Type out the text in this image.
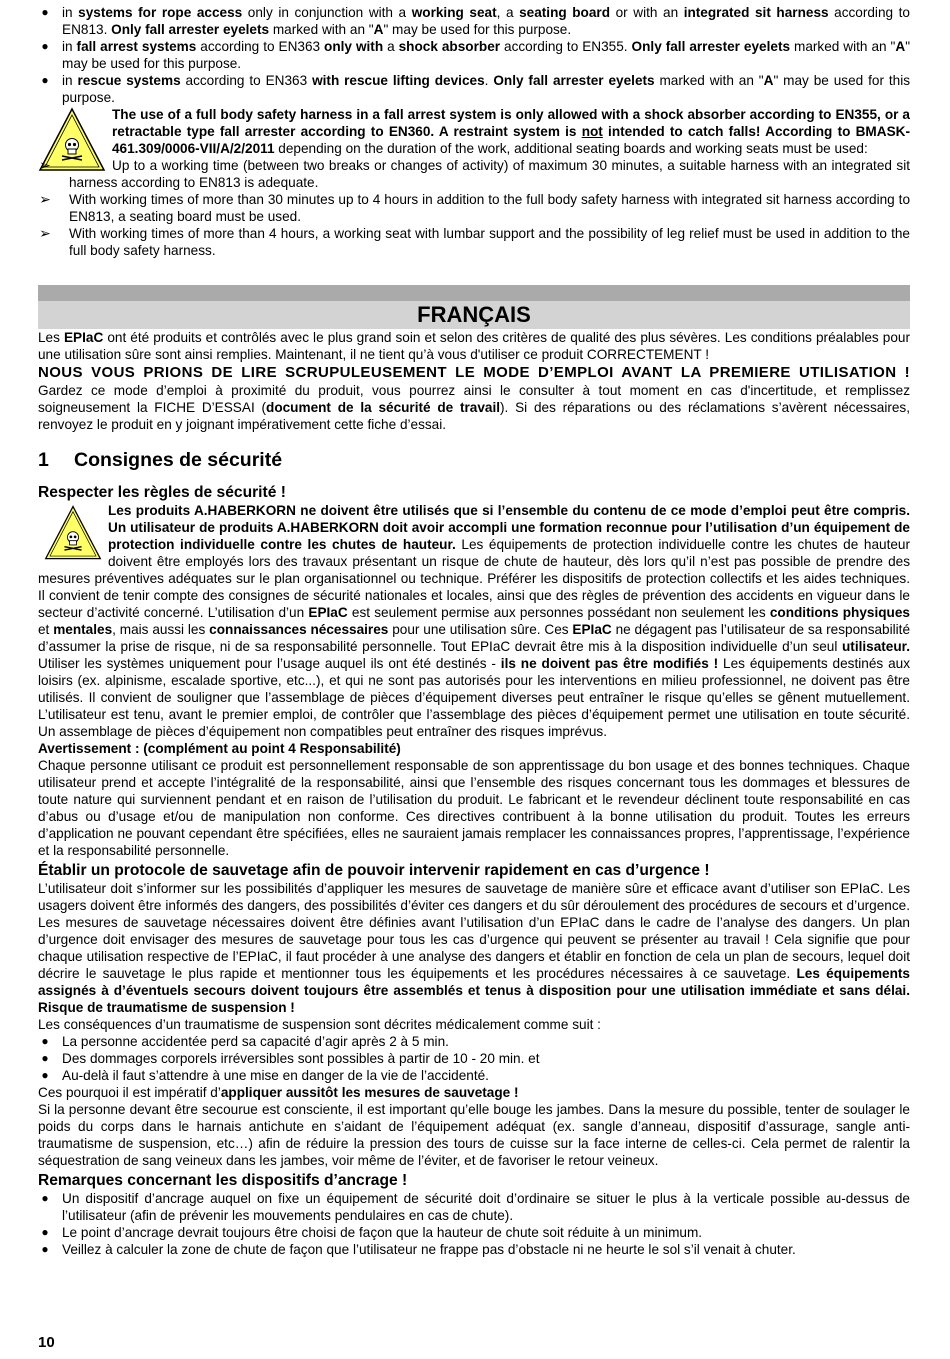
● in systems for rope access only in conjunction with a working seat, a seating board or with an integrated sit harness according to EN813. Only fall arrester eyelets marked with an "A" may be used for this purpose.
● in fall arrest systems according to EN363 only with a shock absorber according to EN355. Only fall arrester eyelets marked with an "A" may be used for this purpose.
● in rescue systems according to EN363 with rescue lifting devices. Only fall arrester eyelets marked with an "A" may be used for this purpose.

The use of a full body safety harness in a fall arrest system is only allowed with a shock absorber according to EN355, or a retractable type fall arrester according to EN360. A restraint system is not intended to catch falls! According to BMASK-461.309/0006-VII/A/2/2011 depending on the duration of the work, additional seating boards and working seats must be used:

➢	Up to a working time (between two breaks or changes of activity) of maximum 30 minutes, a suitable harness with an integrated sit harness according to EN813 is adequate.
➢ With working times of more than 30 minutes up to 4 hours in addition to the full body safety harness with integrated sit harness according to EN813, a seating board must be used.
➢ With working times of more than 4 hours, a working seat with lumbar support and the possibility of leg relief must be used in addition to the full body safety harness.
FRANÇAIS

Les EPIaC ont été produits et contrôlés avec le plus grand soin et selon des critères de qualité des plus sévères. Les conditions préalables pour une utilisation sûre sont ainsi remplies. Maintenant, il ne tient qu’à vous d'utiliser ce produit CORRECTEMENT !

NOUS VOUS PRIONS DE LIRE SCRUPULEUSEMENT LE MODE D’EMPLOI AVANT LA PREMIERE UTILISATION ! Gardez ce mode d’emploi à proximité du produit, vous pourrez ainsi le consulter à tout moment en cas d'incertitude, et remplissez soigneusement la FICHE D’ESSAI (document de la sécurité de travail). Si des réparations ou des réclamations s’avèrent nécessaires, renvoyez le produit en y joignant impérativement cette fiche d’essai.

1 Consignes de sécurité
Respecter les règles de sécurité !

Les produits A.HABERKORN ne doivent être utilisés que si l’ensemble du contenu de ce mode d’emploi peut être compris. Un utilisateur de produits A.HABERKORN doit avoir accompli une formation reconnue pour l’utilisation d’un équipement de protection individuelle contre les chutes de hauteur. Les équipements de protection individuelle contre les chutes de hauteur doivent être employés lors des travaux présentant un risque de chute de hauteur, dès lors qu’il n’est pas possible de prendre des mesures préventives adéquates sur le plan organisationnel ou technique. Préférer les dispositifs de protection collectifs et les aides techniques. Il convient de tenir compte des consignes de sécurité nationales et locales, ainsi que des règles de prévention des accidents en vigueur dans le secteur d’activité concerné. L’utilisation d’un EPIaC est seulement permise aux personnes possédant non seulement les conditions physiques et mentales, mais aussi les connaissances nécessaires pour une utilisation sûre. Ces EPIaC ne dégagent pas l’utilisateur de sa responsabilité d’assumer la prise de risque, ni de sa responsabilité personnelle. Tout EPIaC devrait être mis à la disposition individuelle d’un seul utilisateur. Utiliser les systèmes uniquement pour l’usage auquel ils ont été destinés - ils ne doivent pas être modifiés ! Les équipements destinés aux loisirs (ex. alpinisme, escalade sportive, etc...), et qui ne sont pas autorisés pour les interventions en milieu professionnel, ne doivent pas être utilisés. Il convient de souligner que l’assemblage de pièces d’équipement diverses peut entraîner le risque qu’elles se gênent mutuellement. L’utilisateur est tenu, avant le premier emploi, de contrôler que l’assemblage des pièces d’équipement permet une utilisation en toute sécurité. Un assemblage de pièces d’équipement non compatibles peut entraîner des risques imprévus.

Avertissement : (complément au point 4 Responsabilité)

Chaque personne utilisant ce produit est personnellement responsable de son apprentissage du bon usage et des bonnes techniques. Chaque utilisateur prend et accepte l’intégralité de la responsabilité, ainsi que l’ensemble des risques concernant tous les dommages et blessures de toute nature qui surviennent pendant et en raison de l’utilisation du produit. Le fabricant et le revendeur déclinent toute responsabilité en cas d’abus ou d’usage et/ou de manipulation non conforme. Ces directives contribuent à la bonne utilisation du produit. Toutes les erreurs d’application ne pouvant cependant être spécifiées, elles ne sauraient jamais remplacer les connaissances propres, l’apprentissage, l’expérience et la responsabilité personnelle.

Établir un protocole de sauvetage afin de pouvoir intervenir rapidement en cas d’urgence !

L’utilisateur doit s’informer sur les possibilités d’appliquer les mesures de sauvetage de manière sûre et efficace avant d’utiliser son EPIaC. Les usagers doivent être informés des dangers, des possibilités d’éviter ces dangers et du sûr déroulement des procédures de secours et d’urgence. Les mesures de sauvetage nécessaires doivent être définies avant l’utilisation d’un EPIaC dans le cadre de l’analyse des dangers. Un plan d’urgence doit envisager des mesures de sauvetage pour tous les cas d’urgence qui peuvent se présenter au travail ! Cela signifie que pour chaque utilisation respective de l’EPIaC, il faut procéder à une analyse des dangers et établir en fonction de cela un plan de secours, lequel doit décrire le sauvetage le plus rapide et mentionner tous les équipements et les procédures nécessaires à ce sauvetage. Les équipements assignés à d’éventuels secours doivent toujours être assemblés et tenus à disposition pour une utilisation immédiate et sans délai. Risque de traumatisme de suspension !

Les conséquences d’un traumatisme de suspension sont décrites médicalement comme suit :

● La personne accidentée perd sa capacité d’agir après 2 à 5 min.
● Des dommages corporels irréversibles sont possibles à partir de 10 - 20 min. et
● Au-delà il faut s’attendre à une mise en danger de la vie de l’accidenté.

Ces pourquoi il est impératif d’appliquer aussitôt les mesures de sauvetage !

Si la personne devant être secourue est consciente, il est important qu’elle bouge les jambes. Dans la mesure du possible, tenter de soulager le poids du corps dans le harnais antichute en s’aidant de l’équipement adéquat (ex. sangle d’anneau, dispositif d’assurage, sangle anti-traumatisme de suspension, etc…) afin de réduire la pression des tours de cuisse sur la face interne de celles-ci. Cela permet de ralentir la séquestration de sang veineux dans les jambes, voir même de l’éviter, et de favoriser le retour veineux.

Remarques concernant les dispositifs d’ancrage !
● Un dispositif d’ancrage auquel on fixe un équipement de sécurité doit d’ordinaire se situer le plus à la verticale possible au-dessus de l’utilisateur (afin de prévenir les mouvements pendulaires en cas de chute).
● Le point d’ancrage devrait toujours être choisi de façon que la hauteur de chute soit réduite à un minimum.
● Veillez à calculer la zone de chute de façon que l’utilisateur ne frappe pas d’obstacle ni ne heurte le sol s’il venait à chuter.
10
